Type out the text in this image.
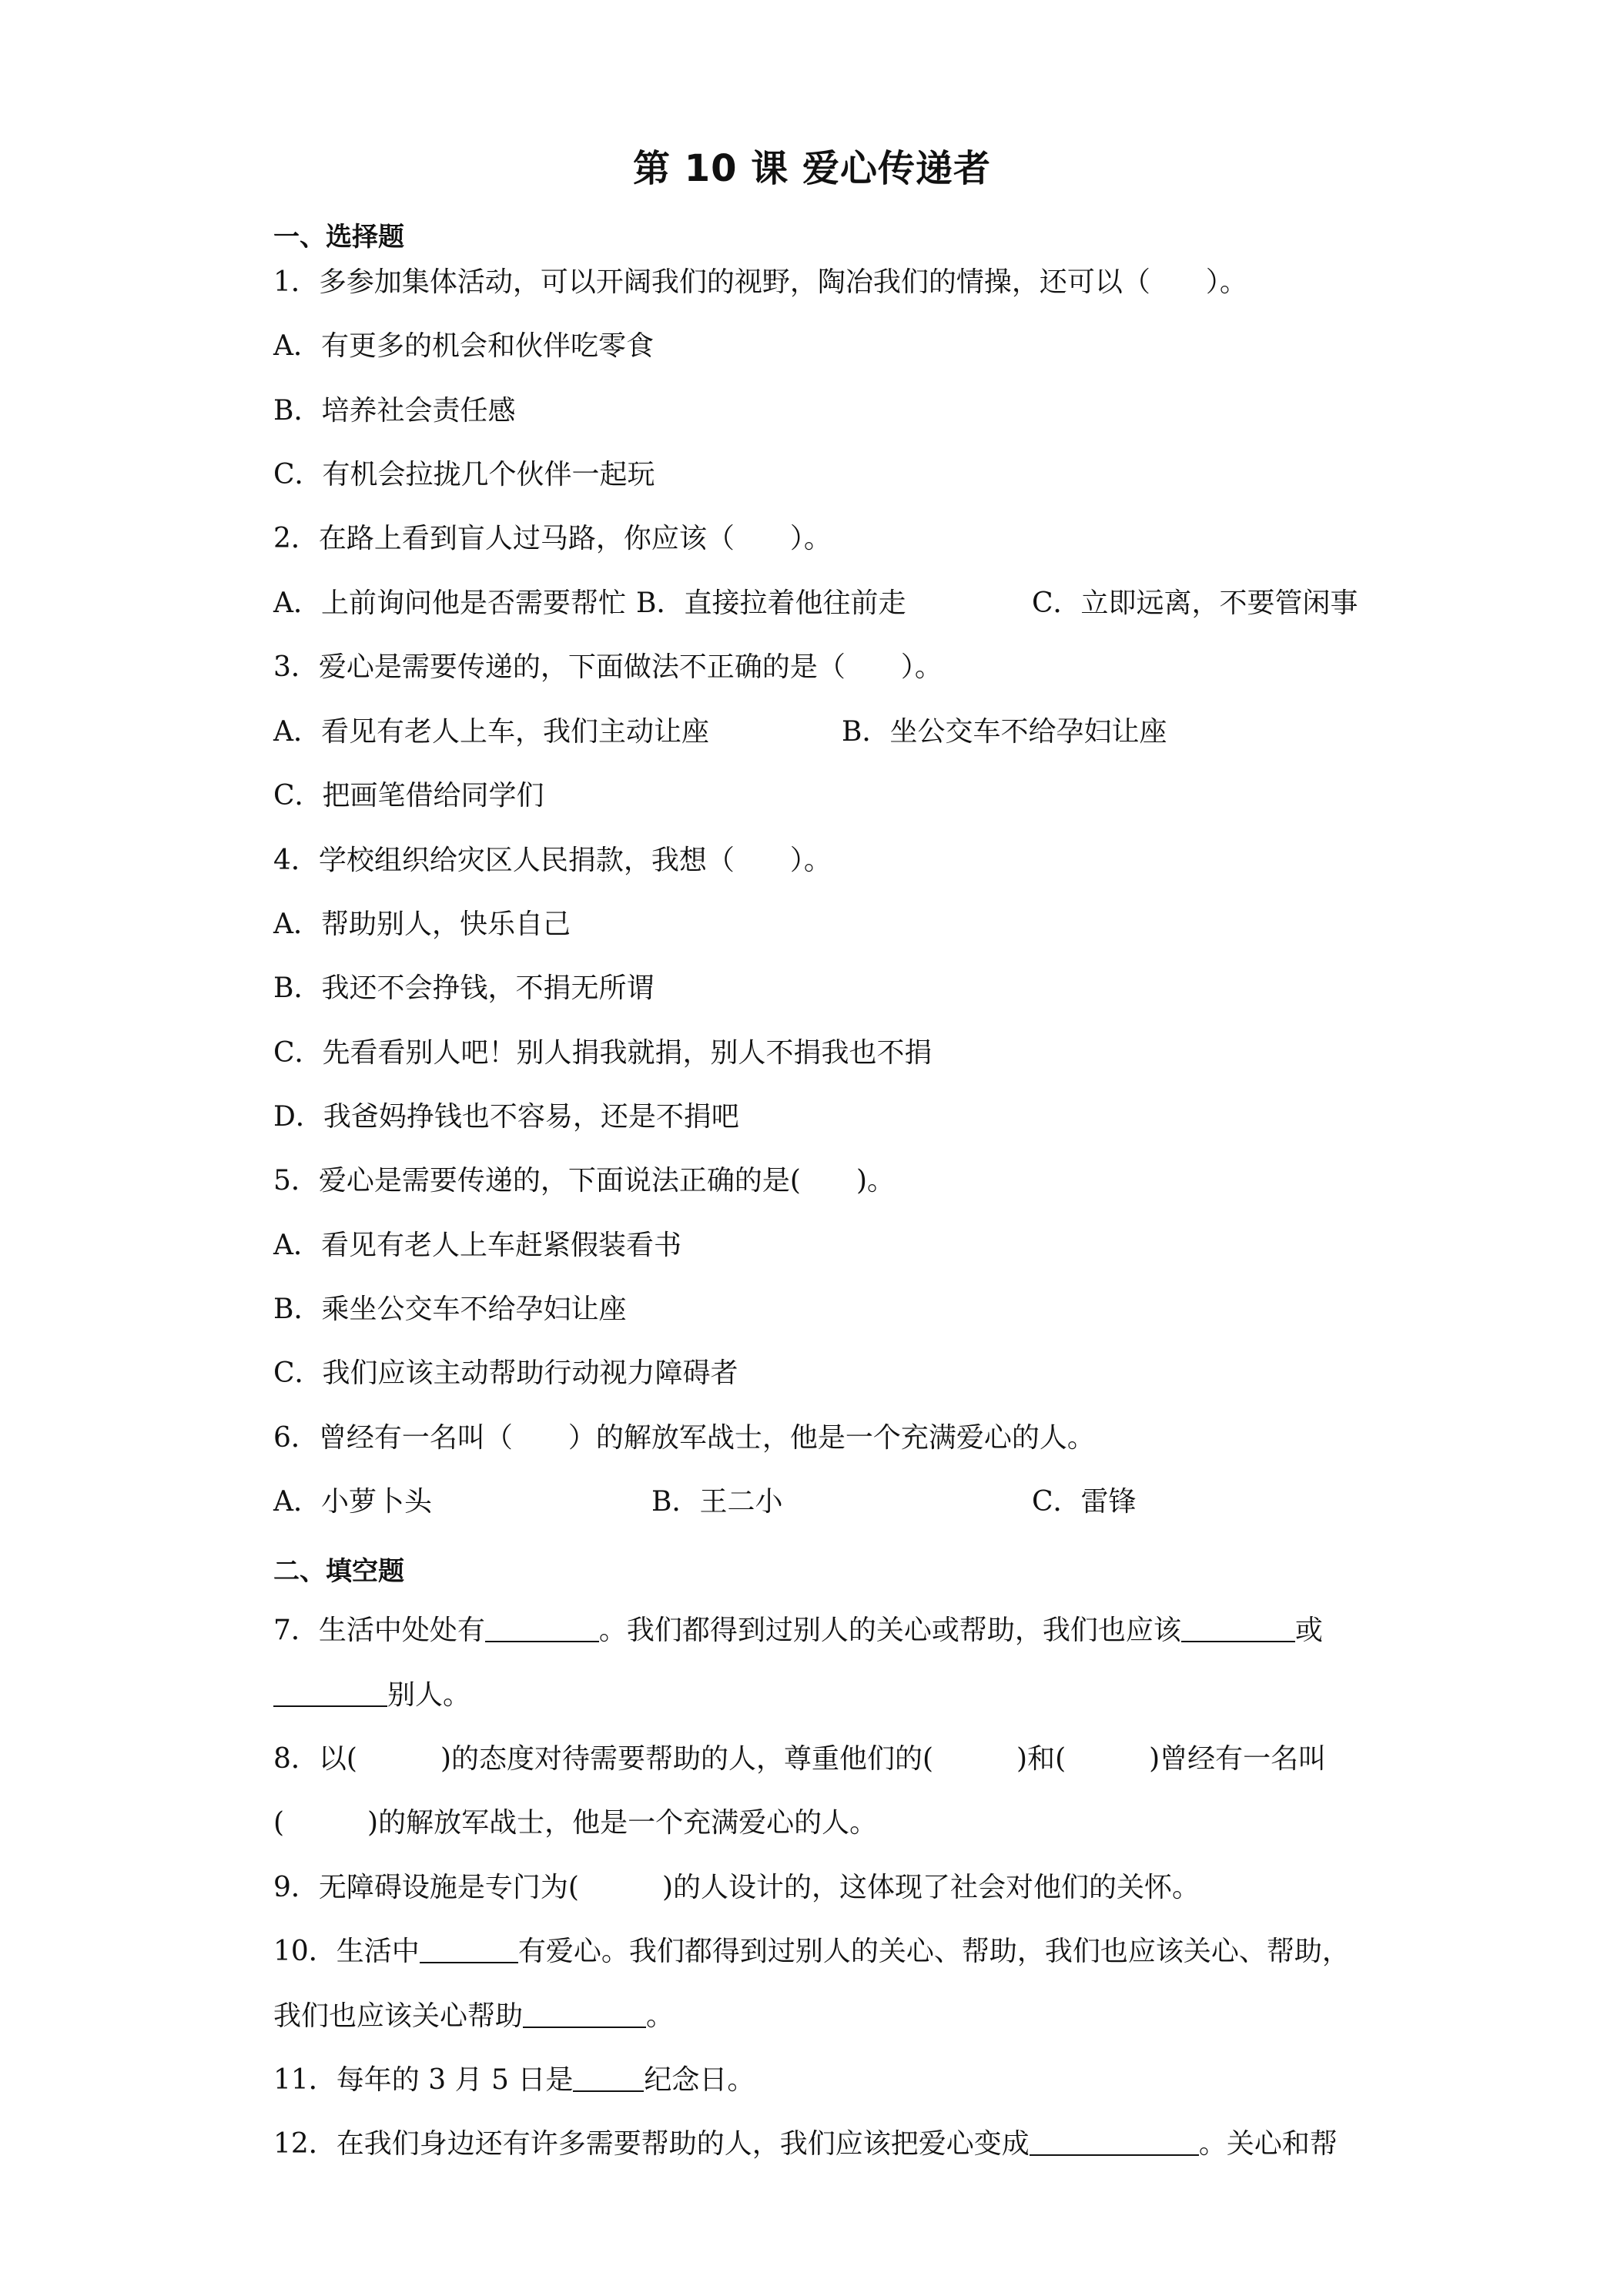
第 10 课 爱心传递者
一、选择题
1．多参加集体活动，可以开阔我们的视野，陶冶我们的情操，还可以（　　）。
A．有更多的机会和伙伴吃零食
B．培养社会责任感
C．有机会拉拢几个伙伴一起玩
2．在路上看到盲人过马路，你应该（　　）。
A．上前询问他是否需要帮忙 B．直接拉着他往前走	C．立即远离，不要管闲事
3．爱心是需要传递的，下面做法不正确的是（　　）。
A．看见有老人上车，我们主动让座	B．坐公交车不给孕妇让座
C．把画笔借给同学们
4．学校组织给灾区人民捐款，我想（　　）。
A．帮助别人，快乐自己
B．我还不会挣钱，不捐无所谓
C．先看看别人吧！别人捐我就捐，别人不捐我也不捐
D．我爸妈挣钱也不容易，还是不捐吧
5．爱心是需要传递的，下面说法正确的是(　　)。
A．看见有老人上车赶紧假装看书
B．乘坐公交车不给孕妇让座
C．我们应该主动帮助行动视力障碍者
6．曾经有一名叫（　　）的解放军战士，他是一个充满爱心的人。
A．小萝卜头	B．王二小	C．雷锋
二、填空题
7．生活中处处有	。我们都得到过别人的关心或帮助，我们也应该	或
别人。
8．以(　　　)的态度对待需要帮助的人，尊重他们的(　　　)和(　　　)曾经有一名叫
(　　　)的解放军战士，他是一个充满爱心的人。
9．无障碍设施是专门为(　　　)的人设计的，这体现了社会对他们的关怀。
10．生活中	有爱心。我们都得到过别人的关心、帮助，我们也应该关心、帮助，
我们也应该关心帮助	。
11．每年的 3 月 5 日是	纪念日。
12．在我们身边还有许多需要帮助的人，我们应该把爱心变成	。关心和帮
